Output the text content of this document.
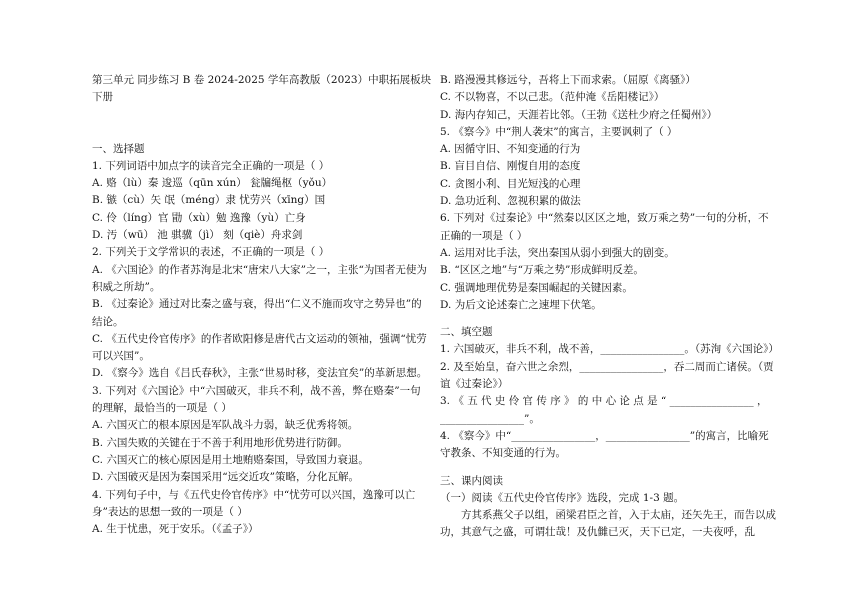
第三单元 同步练习 B 卷 2024-2025 学年高教版（2023）中职拓展板块

下册

一、选择题

1. 下列词语中加点字的读音完全正确的一项是（ ）

A. 赂（lù）秦 逡巡（qūn xún） 瓮牖绳枢（yǒu）

B. 镞（cù）矢 氓（méng）隶 忧劳兴（xīng）国

C. 伶（líng）官 勖（xù）勉 逸豫（yù）亡身

D. 汚（wū） 池 骐骥（jì） 刻（qiè）舟求剑

2. 下列关于文学常识的表述，不正确的一项是（ ）

A. 《六国论》的作者苏洵是北宋“唐宋八大家”之一，主张“为国者无使为积威之所劫”。

B. 《过秦论》通过对比秦之盛与衰，得出“仁义不施而攻守之势异也”的结论。

C. 《五代史伶官传序》的作者欧阳修是唐代古文运动的领袖，强调“忧劳可以兴国”。

D. 《察今》选自《吕氏春秋》，主张“世易时移，变法宜矣”的革新思想。

3. 下列对《六国论》中“六国破灭，非兵不利，战不善，弊在赂秦”一句的理解，最恰当的一项是（ ）

A. 六国灭亡的根本原因是军队战斗力弱，缺乏优秀将领。

B. 六国失败的关键在于不善于利用地形优势进行防御。

C. 六国灭亡的核心原因是用土地贿赂秦国，导致国力衰退。

D. 六国破灭是因为秦国采用“远交近攻”策略，分化瓦解。

4. 下列句子中，与《五代史伶官传序》中“忧劳可以兴国，逸豫可以亡身”表达的思想一致的一项是（ ）

A. 生于忧患，死于安乐。（《孟子》）

B. 路漫漫其修远兮，吾将上下而求索。（屈原《离骚》）

C. 不以物喜，不以己悲。（范仲淹《岳阳楼记》）

D. 海内存知己，天涯若比邻。（王勃《送杜少府之任蜀州》）

5. 《察今》中“荆人袭宋”的寓言，主要讽刺了（ ）

A. 因循守旧、不知变通的行为

B. 盲目自信、刚愎自用的态度

C. 贪图小利、目光短浅的心理

D. 急功近利、忽视积累的做法

6. 下列对《过秦论》中“然秦以区区之地，致万乘之势”一句的分析，不正确的一项是（ ）

A. 运用对比手法，突出秦国从弱小到强大的剧变。

B. “区区之地”与“万乘之势”形成鲜明反差。

C. 强调地理优势是秦国崛起的关键因素。

D. 为后文论述秦亡之速埋下伏笔。

二、填空题

1. 六国破灭，非兵不利，战不善，________________。（苏洵《六国论》）

2. 及至始皇，奋六世之余烈，________________，吞二周而亡诸侯。（贾谊《过秦论》）

3. 《 五 代 史 伶 官 传 序 》 的 中 心 论 点 是 “ ________________ ，________________”。

4. 《察今》中“________________，________________”的寓言，比喻死守教条、不知变通的行为。

三、课内阅读

（一）阅读《五代史伶官传序》选段，完成 1-3 题。

方其系燕父子以组，函梁君臣之首，入于太庙，还矢先王，而告以成功，其意气之盛，可谓壮哉！及仇雠已灭，天下已定，一夫夜呼，乱
